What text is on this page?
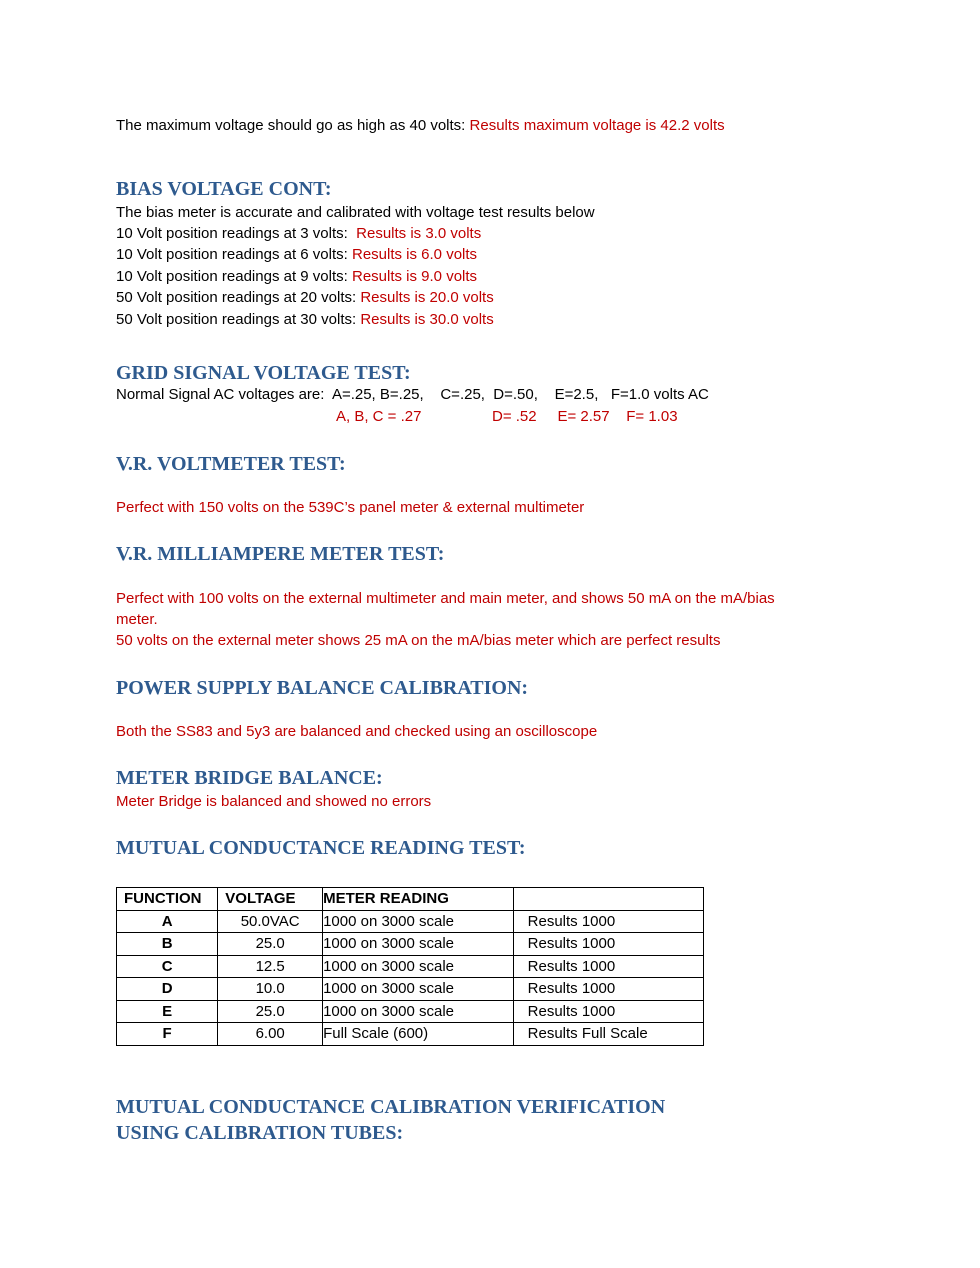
The maximum voltage should go as high as 40 volts: Results maximum voltage is 42.2 volts
BIAS VOLTAGE CONT:
The bias meter is accurate and calibrated with voltage test results below
10 Volt position readings at 3 volts:  Results is 3.0 volts
10 Volt position readings at 6 volts: Results is 6.0 volts
10 Volt position readings at 9 volts: Results is 9.0 volts
50 Volt position readings at 20 volts: Results is 20.0 volts
50 Volt position readings at 30 volts: Results is 30.0 volts
GRID SIGNAL VOLTAGE TEST:
Normal Signal AC voltages are:  A=.25, B=.25,    C=.25,  D=.50,    E=2.5,   F=1.0 volts AC
A, B, C = .27	D= .52     E= 2.57    F= 1.03
V.R. VOLTMETER TEST:
Perfect with 150 volts on the 539C’s panel meter & external multimeter
V.R. MILLIAMPERE METER TEST:
Perfect with 100 volts on the external multimeter and main meter, and shows 50 mA on the mA/bias
meter.
50 volts on the external meter shows 25 mA on the mA/bias meter which are perfect results
POWER SUPPLY BALANCE CALIBRATION:
Both the SS83 and 5y3 are balanced and checked using an oscilloscope
METER BRIDGE BALANCE:
Meter Bridge is balanced and showed no errors
MUTUAL CONDUCTANCE READING TEST:
FUNCTION	VOLTAGE	METER READING	
A	50.0VAC	1000 on 3000 scale	Results 1000
B	25.0	1000 on 3000 scale	Results 1000
C	12.5	1000 on 3000 scale	Results 1000
D	10.0	1000 on 3000 scale	Results 1000
E	25.0	1000 on 3000 scale	Results 1000
F	6.00	Full Scale (600)	Results Full Scale
MUTUAL CONDUCTANCE CALIBRATION VERIFICATION
USING CALIBRATION TUBES:
